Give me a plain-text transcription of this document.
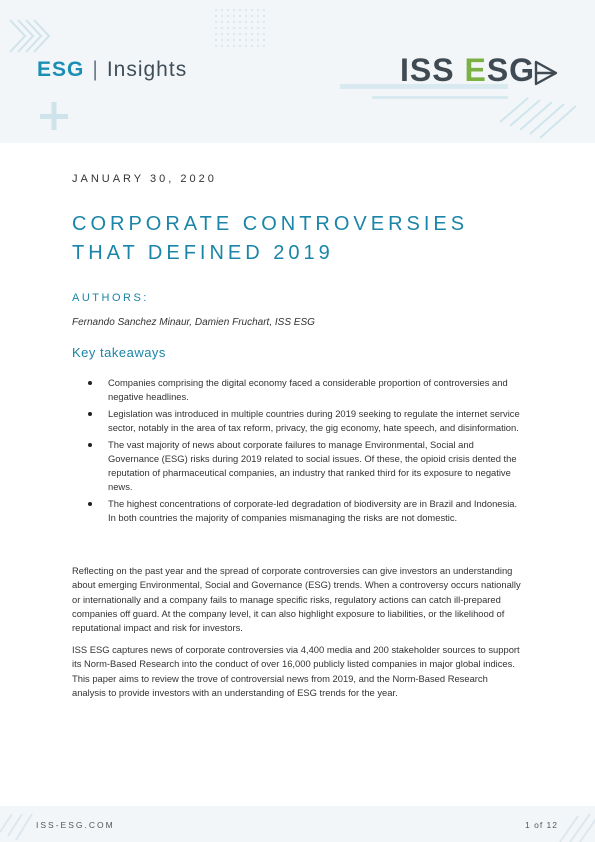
ESG | Insights	ISS ESG
JANUARY 30, 2020
CORPORATE CONTROVERSIES THAT DEFINED 2019
AUTHORS:
Fernando Sanchez Minaur, Damien Fruchart, ISS ESG
Key takeaways
Companies comprising the digital economy faced a considerable proportion of controversies and negative headlines.
Legislation was introduced in multiple countries during 2019 seeking to regulate the internet service sector, notably in the area of tax reform, privacy, the gig economy, hate speech, and disinformation.
The vast majority of news about corporate failures to manage Environmental, Social and Governance (ESG) risks during 2019 related to social issues. Of these, the opioid crisis dented the reputation of pharmaceutical companies, an industry that ranked third for its exposure to negative news.
The highest concentrations of corporate-led degradation of biodiversity are in Brazil and Indonesia. In both countries the majority of companies mismanaging the risks are not domestic.

Reflecting on the past year and the spread of corporate controversies can give investors an understanding about emerging Environmental, Social and Governance (ESG) trends. When a controversy occurs nationally or internationally and a company fails to manage specific risks, regulatory actions can catch ill-prepared companies off guard. At the company level, it can also highlight exposure to liabilities, or the likelihood of reputational impact and risk for investors.

ISS ESG captures news of corporate controversies via 4,400 media and 200 stakeholder sources to support its Norm-Based Research into the conduct of over 16,000 publicly listed companies in major global indices. This paper aims to review the trove of controversial news from 2019, and the Norm-Based Research analysis to provide investors with an understanding of ESG trends for the year.

ISS-ESG.COM	1 of 12
